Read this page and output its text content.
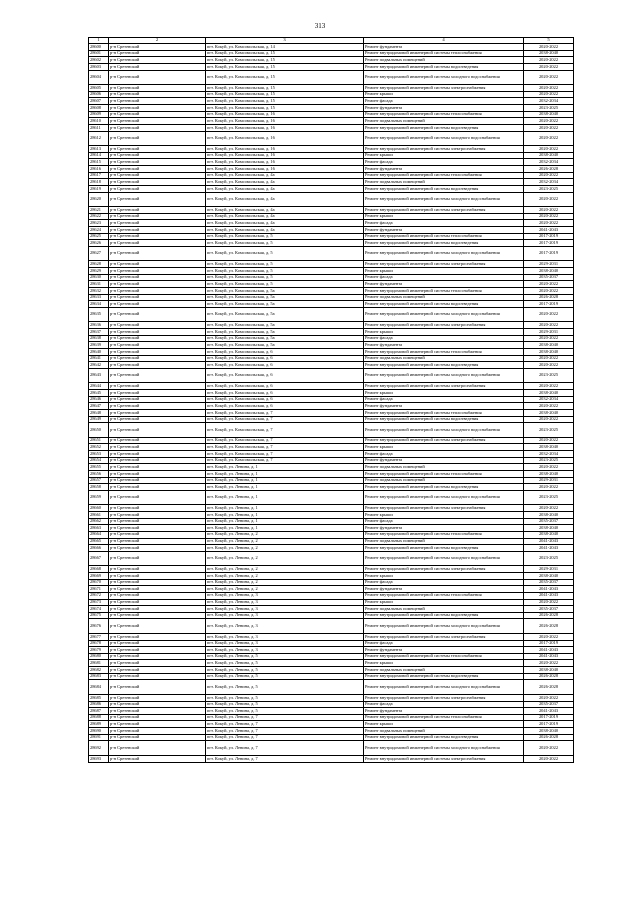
313
1	2	3	4	5
28600	р-н Сретенский	пгт. Кокуй, ул. Комсомольская, д. 14	Ремонт фундамента	2020-2022
28601	р-н Сретенский	пгт. Кокуй, ул. Комсомольская, д. 15	Ремонт внутридомовой инженерной системы теплоснабжения	2038-2040
28602	р-н Сретенский	пгт. Кокуй, ул. Комсомольская, д. 15	Ремонт подвальных помещений	2020-2022
28603	р-н Сретенский	пгт. Кокуй, ул. Комсомольская, д. 15	Ремонт внутридомовой инженерной системы водоотведения	2020-2022
28604	р-н Сретенский	пгт. Кокуй, ул. Комсомольская, д. 15	Ремонт внутридомовой инженерной системы холодного водоснабжения	2020-2022
28605	р-н Сретенский	пгт. Кокуй, ул. Комсомольская, д. 15	Ремонт внутридомовой инженерной системы электроснабжения	2020-2022
28606	р-н Сретенский	пгт. Кокуй, ул. Комсомольская, д. 15	Ремонт крыши	2020-2022
28607	р-н Сретенский	пгт. Кокуй, ул. Комсомольская, д. 15	Ремонт фасада	2032-2034
28608	р-н Сретенский	пгт. Кокуй, ул. Комсомольская, д. 15	Ремонт фундамента	2023-2025
28609	р-н Сретенский	пгт. Кокуй, ул. Комсомольская, д. 16	Ремонт внутридомовой инженерной системы теплоснабжения	2038-2040
28610	р-н Сретенский	пгт. Кокуй, ул. Комсомольская, д. 16	Ремонт подвальных помещений	2020-2022
28611	р-н Сретенский	пгт. Кокуй, ул. Комсомольская, д. 16	Ремонт внутридомовой инженерной системы водоотведения	2020-2022
28612	р-н Сретенский	пгт. Кокуй, ул. Комсомольская, д. 16	Ремонт внутридомовой инженерной системы холодного водоснабжения	2020-2022
28613	р-н Сретенский	пгт. Кокуй, ул. Комсомольская, д. 16	Ремонт внутридомовой инженерной системы электроснабжения	2020-2022
28614	р-н Сретенский	пгт. Кокуй, ул. Комсомольская, д. 16	Ремонт крыши	2038-2040
28615	р-н Сретенский	пгт. Кокуй, ул. Комсомольская, д. 16	Ремонт фасада	2032-2034
28616	р-н Сретенский	пгт. Кокуй, ул. Комсомольская, д. 16	Ремонт фундамента	2026-2028
28617	р-н Сретенский	пгт. Кокуй, ул. Комсомольская, д. 4а	Ремонт внутридомовой инженерной системы теплоснабжения	2020-2022
28618	р-н Сретенский	пгт. Кокуй, ул. Комсомольская, д. 4а	Ремонт подвальных помещений	2032-2034
28619	р-н Сретенский	пгт. Кокуй, ул. Комсомольская, д. 4а	Ремонт внутридомовой инженерной системы водоотведения	2023-2025
28620	р-н Сретенский	пгт. Кокуй, ул. Комсомольская, д. 4а	Ремонт внутридомовой инженерной системы холодного водоснабжения	2020-2022
28621	р-н Сретенский	пгт. Кокуй, ул. Комсомольская, д. 4а	Ремонт внутридомовой инженерной системы электроснабжения	2020-2022
28622	р-н Сретенский	пгт. Кокуй, ул. Комсомольская, д. 4а	Ремонт крыши	2020-2022
28623	р-н Сретенский	пгт. Кокуй, ул. Комсомольская, д. 4а	Ремонт фасада	2020-2022
28624	р-н Сретенский	пгт. Кокуй, ул. Комсомольская, д. 4а	Ремонт фундамента	2041-2043
28625	р-н Сретенский	пгт. Кокуй, ул. Комсомольская, д. 5	Ремонт внутридомовой инженерной системы теплоснабжения	2017-2019
28626	р-н Сретенский	пгт. Кокуй, ул. Комсомольская, д. 5	Ремонт внутридомовой инженерной системы водоотведения	2017-2019
28627	р-н Сретенский	пгт. Кокуй, ул. Комсомольская, д. 5	Ремонт внутридомовой инженерной системы холодного водоснабжения	2017-2019
28628	р-н Сретенский	пгт. Кокуй, ул. Комсомольская, д. 5	Ремонт внутридомовой инженерной системы электроснабжения	2029-2031
28629	р-н Сретенский	пгт. Кокуй, ул. Комсомольская, д. 5	Ремонт крыши	2038-2040
28630	р-н Сретенский	пгт. Кокуй, ул. Комсомольская, д. 5	Ремонт фасада	2035-2037
28631	р-н Сретенский	пгт. Кокуй, ул. Комсомольская, д. 5	Ремонт фундамента	2020-2022
28632	р-н Сретенский	пгт. Кокуй, ул. Комсомольская, д. 5а	Ремонт внутридомовой инженерной системы теплоснабжения	2020-2022
28633	р-н Сретенский	пгт. Кокуй, ул. Комсомольская, д. 5а	Ремонт подвальных помещений	2026-2028
28634	р-н Сретенский	пгт. Кокуй, ул. Комсомольская, д. 5а	Ремонт внутридомовой инженерной системы водоотведения	2017-2019
28635	р-н Сретенский	пгт. Кокуй, ул. Комсомольская, д. 5а	Ремонт внутридомовой инженерной системы холодного водоснабжения	2020-2022
28636	р-н Сретенский	пгт. Кокуй, ул. Комсомольская, д. 5а	Ремонт внутридомовой инженерной системы электроснабжения	2020-2022
28637	р-н Сретенский	пгт. Кокуй, ул. Комсомольская, д. 5а	Ремонт крыши	2029-2031
28638	р-н Сретенский	пгт. Кокуй, ул. Комсомольская, д. 5а	Ремонт фасада	2020-2022
28639	р-н Сретенский	пгт. Кокуй, ул. Комсомольская, д. 5а	Ремонт фундамента	2038-2040
28640	р-н Сретенский	пгт. Кокуй, ул. Комсомольская, д. 6	Ремонт внутридомовой инженерной системы теплоснабжения	2038-2040
28641	р-н Сретенский	пгт. Кокуй, ул. Комсомольская, д. 6	Ремонт подвальных помещений	2020-2022
28642	р-н Сретенский	пгт. Кокуй, ул. Комсомольская, д. 6	Ремонт внутридомовой инженерной системы водоотведения	2020-2022
28643	р-н Сретенский	пгт. Кокуй, ул. Комсомольская, д. 6	Ремонт внутридомовой инженерной системы холодного водоснабжения	2023-2025
28644	р-н Сретенский	пгт. Кокуй, ул. Комсомольская, д. 6	Ремонт внутридомовой инженерной системы электроснабжения	2020-2022
28645	р-н Сретенский	пгт. Кокуй, ул. Комсомольская, д. 6	Ремонт крыши	2038-2040
28646	р-н Сретенский	пгт. Кокуй, ул. Комсомольская, д. 6	Ремонт фасада	2032-2034
28647	р-н Сретенский	пгт. Кокуй, ул. Комсомольская, д. 6	Ремонт фундамента	2020-2022
28648	р-н Сретенский	пгт. Кокуй, ул. Комсомольская, д. 7	Ремонт внутридомовой инженерной системы теплоснабжения	2038-2040
28649	р-н Сретенский	пгт. Кокуй, ул. Комсомольская, д. 7	Ремонт внутридомовой инженерной системы водоотведения	2020-2022
28650	р-н Сретенский	пгт. Кокуй, ул. Комсомольская, д. 7	Ремонт внутридомовой инженерной системы холодного водоснабжения	2023-2025
28651	р-н Сретенский	пгт. Кокуй, ул. Комсомольская, д. 7	Ремонт внутридомовой инженерной системы электроснабжения	2020-2022
28652	р-н Сретенский	пгт. Кокуй, ул. Комсомольская, д. 7	Ремонт крыши	2038-2040
28653	р-н Сретенский	пгт. Кокуй, ул. Комсомольская, д. 7	Ремонт фасада	2032-2034
28654	р-н Сретенский	пгт. Кокуй, ул. Комсомольская, д. 7	Ремонт фундамента	2023-2025
28655	р-н Сретенский	пгт. Кокуй, ул. Ленина, д. 1	Ремонт подвальных помещений	2020-2022
28656	р-н Сретенский	пгт. Кокуй, ул. Ленина, д. 1	Ремонт внутридомовой инженерной системы теплоснабжения	2038-2040
28657	р-н Сретенский	пгт. Кокуй, ул. Ленина, д. 1	Ремонт подвальных помещений	2029-2031
28658	р-н Сретенский	пгт. Кокуй, ул. Ленина, д. 1	Ремонт внутридомовой инженерной системы водоотведения	2020-2022
28659	р-н Сретенский	пгт. Кокуй, ул. Ленина, д. 1	Ремонт внутридомовой инженерной системы холодного водоснабжения	2023-2025
28660	р-н Сретенский	пгт. Кокуй, ул. Ленина, д. 1	Ремонт внутридомовой инженерной системы электроснабжения	2020-2022
28661	р-н Сретенский	пгт. Кокуй, ул. Ленина, д. 1	Ремонт крыши	2038-2040
28662	р-н Сретенский	пгт. Кокуй, ул. Ленина, д. 1	Ремонт фасада	2035-2037
28663	р-н Сретенский	пгт. Кокуй, ул. Ленина, д. 1	Ремонт фундамента	2038-2040
28664	р-н Сретенский	пгт. Кокуй, ул. Ленина, д. 2	Ремонт внутридомовой инженерной системы теплоснабжения	2038-2040
28665	р-н Сретенский	пгт. Кокуй, ул. Ленина, д. 2	Ремонт подвальных помещений	2041-2043
28666	р-н Сретенский	пгт. Кокуй, ул. Ленина, д. 2	Ремонт внутридомовой инженерной системы водоотведения	2041-2043
28667	р-н Сретенский	пгт. Кокуй, ул. Ленина, д. 2	Ремонт внутридомовой инженерной системы холодного водоснабжения	2023-2025
28668	р-н Сретенский	пгт. Кокуй, ул. Ленина, д. 2	Ремонт внутридомовой инженерной системы электроснабжения	2029-2031
28669	р-н Сретенский	пгт. Кокуй, ул. Ленина, д. 2	Ремонт крыши	2038-2040
28670	р-н Сретенский	пгт. Кокуй, ул. Ленина, д. 2	Ремонт фасада	2035-2037
28671	р-н Сретенский	пгт. Кокуй, ул. Ленина, д. 2	Ремонт фундамента	2041-2043
28672	р-н Сретенский	пгт. Кокуй, ул. Ленина, д. 3	Ремонт внутридомовой инженерной системы теплоснабжения	2041-2043
28673	р-н Сретенский	пгт. Кокуй, ул. Ленина, д. 3	Ремонт крыши	2020-2022
28674	р-н Сретенский	пгт. Кокуй, ул. Ленина, д. 3	Ремонт подвальных помещений	2035-2037
28675	р-н Сретенский	пгт. Кокуй, ул. Ленина, д. 3	Ремонт внутридомовой инженерной системы водоотведения	2026-2028
28676	р-н Сретенский	пгт. Кокуй, ул. Ленина, д. 3	Ремонт внутридомовой инженерной системы холодного водоснабжения	2026-2028
28677	р-н Сретенский	пгт. Кокуй, ул. Ленина, д. 3	Ремонт внутридомовой инженерной системы электроснабжения	2020-2022
28678	р-н Сретенский	пгт. Кокуй, ул. Ленина, д. 3	Ремонт фасада	2017-2019
28679	р-н Сретенский	пгт. Кокуй, ул. Ленина, д. 3	Ремонт фундамента	2041-2043
28680	р-н Сретенский	пгт. Кокуй, ул. Ленина, д. 5	Ремонт внутридомовой инженерной системы теплоснабжения	2041-2043
28681	р-н Сретенский	пгт. Кокуй, ул. Ленина, д. 5	Ремонт крыши	2020-2022
28682	р-н Сретенский	пгт. Кокуй, ул. Ленина, д. 5	Ремонт подвальных помещений	2038-2040
28683	р-н Сретенский	пгт. Кокуй, ул. Ленина, д. 5	Ремонт внутридомовой инженерной системы водоотведения	2026-2028
28684	р-н Сретенский	пгт. Кокуй, ул. Ленина, д. 5	Ремонт внутридомовой инженерной системы холодного водоснабжения	2026-2028
28685	р-н Сретенский	пгт. Кокуй, ул. Ленина, д. 5	Ремонт внутридомовой инженерной системы электроснабжения	2020-2022
28686	р-н Сретенский	пгт. Кокуй, ул. Ленина, д. 5	Ремонт фасада	2035-2037
28687	р-н Сретенский	пгт. Кокуй, ул. Ленина, д. 5	Ремонт фундамента	2041-2043
28688	р-н Сретенский	пгт. Кокуй, ул. Ленина, д. 7	Ремонт внутридомовой инженерной системы теплоснабжения	2017-2019
28689	р-н Сретенский	пгт. Кокуй, ул. Ленина, д. 7	Ремонт крыши	2017-2019
28690	р-н Сретенский	пгт. Кокуй, ул. Ленина, д. 7	Ремонт подвальных помещений	2038-2040
28691	р-н Сретенский	пгт. Кокуй, ул. Ленина, д. 7	Ремонт внутридомовой инженерной системы водоотведения	2026-2028
28692	р-н Сретенский	пгт. Кокуй, ул. Ленина, д. 7	Ремонт внутридомовой инженерной системы холодного водоснабжения	2020-2022
28693	р-н Сретенский	пгт. Кокуй, ул. Ленина, д. 7	Ремонт внутридомовой инженерной системы электроснабжения	2020-2022
